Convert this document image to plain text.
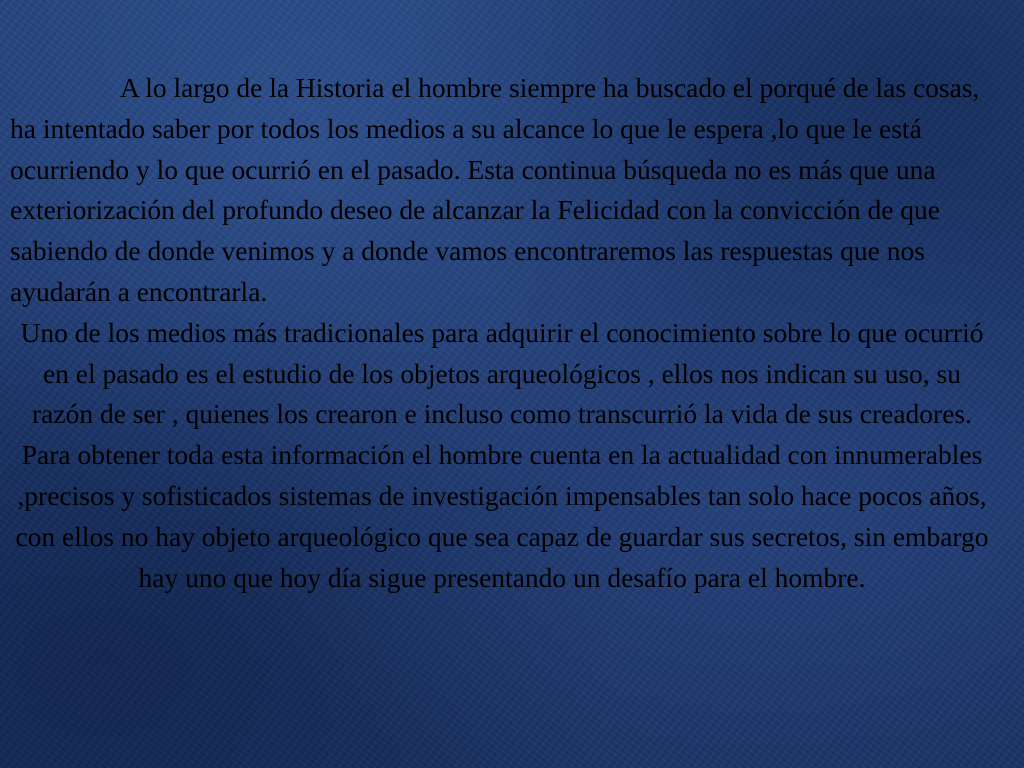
A lo largo de la Historia el hombre siempre ha buscado el porqué de las cosas, ha intentado saber por todos los medios a su alcance lo que le espera ,lo que le está ocurriendo y lo que ocurrió en el pasado. Esta continua búsqueda no es más que una exteriorización del profundo deseo de alcanzar la Felicidad con la convicción de que sabiendo de donde venimos y a donde vamos encontraremos las respuestas que nos ayudarán a encontrarla.

Uno de los medios más tradicionales para adquirir el conocimiento sobre lo que ocurrió en el pasado es el estudio de los objetos arqueológicos , ellos nos indican su uso, su razón de ser , quienes los crearon e incluso como transcurrió la vida de sus creadores. Para obtener toda esta información el hombre cuenta en la actualidad con innumerables ,precisos y sofisticados sistemas de investigación impensables tan solo hace pocos años, con ellos no hay objeto arqueológico que sea capaz de guardar sus secretos, sin embargo hay uno que hoy día sigue presentando un desafío para el hombre.
